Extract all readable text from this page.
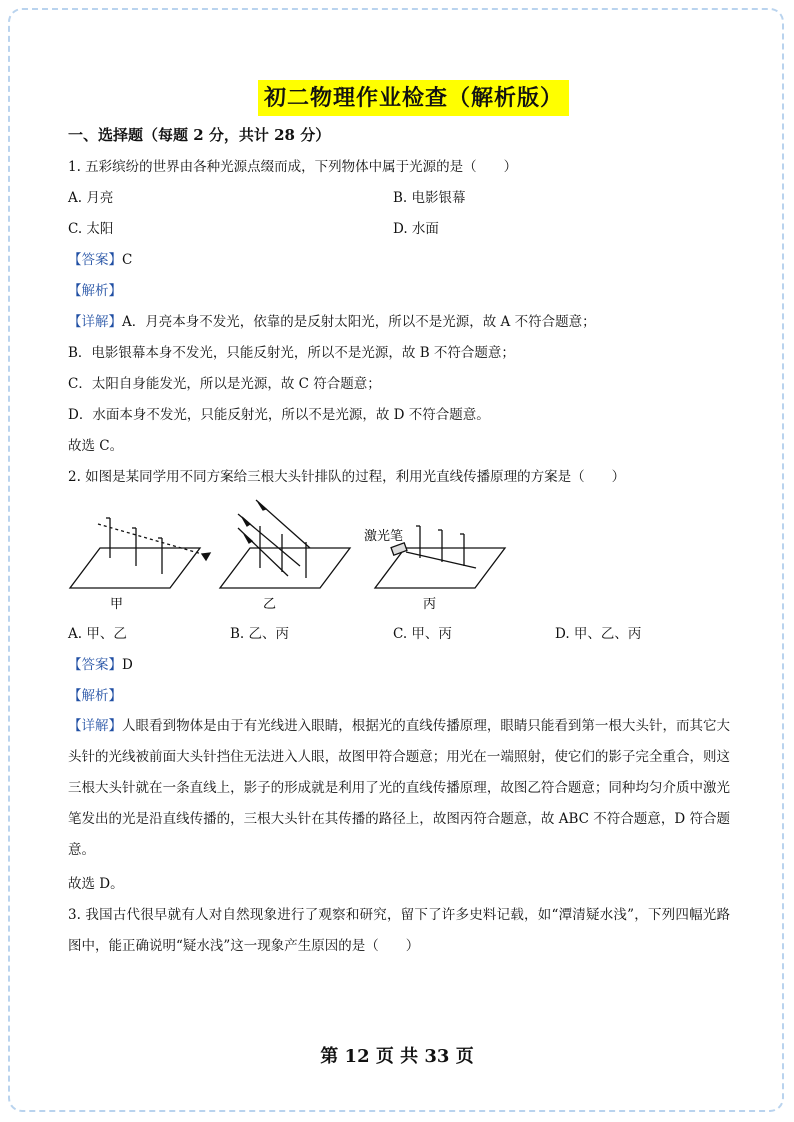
初二物理作业检查（解析版）
一、选择题（每题 2 分，共计 28 分）
1. 五彩缤纷的世界由各种光源点缀而成，下列物体中属于光源的是（　　）
A. 月亮	B. 电影银幕
C. 太阳	D. 水面
【答案】C
【解析】
【详解】A．月亮本身不发光，依靠的是反射太阳光，所以不是光源，故 A 不符合题意；
B．电影银幕本身不发光，只能反射光，所以不是光源，故 B 不符合题意；
C．太阳自身能发光，所以是光源，故 C 符合题意；
D．水面本身不发光，只能反射光，所以不是光源，故 D 不符合题意。
故选 C。
2. 如图是某同学用不同方案给三根大头针排队的过程，利用光直线传播原理的方案是（　　）
激光笔
甲	乙	丙
A. 甲、乙	B. 乙、丙	C. 甲、丙	D. 甲、乙、丙
【答案】D
【解析】
【详解】人眼看到物体是由于有光线进入眼睛，根据光的直线传播原理，眼睛只能看到第一根大头针，而其它大头针的光线被前面大头针挡住无法进入人眼，故图甲符合题意；用光在一端照射，使它们的影子完全重合，则这三根大头针就在一条直线上，影子的形成就是利用了光的直线传播原理，故图乙符合题意；同种均匀介质中激光笔发出的光是沿直线传播的，三根大头针在其传播的路径上，故图丙符合题意，故 ABC 不符合题意，D 符合题意。
故选 D。
3. 我国古代很早就有人对自然现象进行了观察和研究，留下了许多史料记载，如“潭清疑水浅”，下列四幅光路图中，能正确说明“疑水浅”这一现象产生原因的是（　　）
第 12 页 共 33 页
